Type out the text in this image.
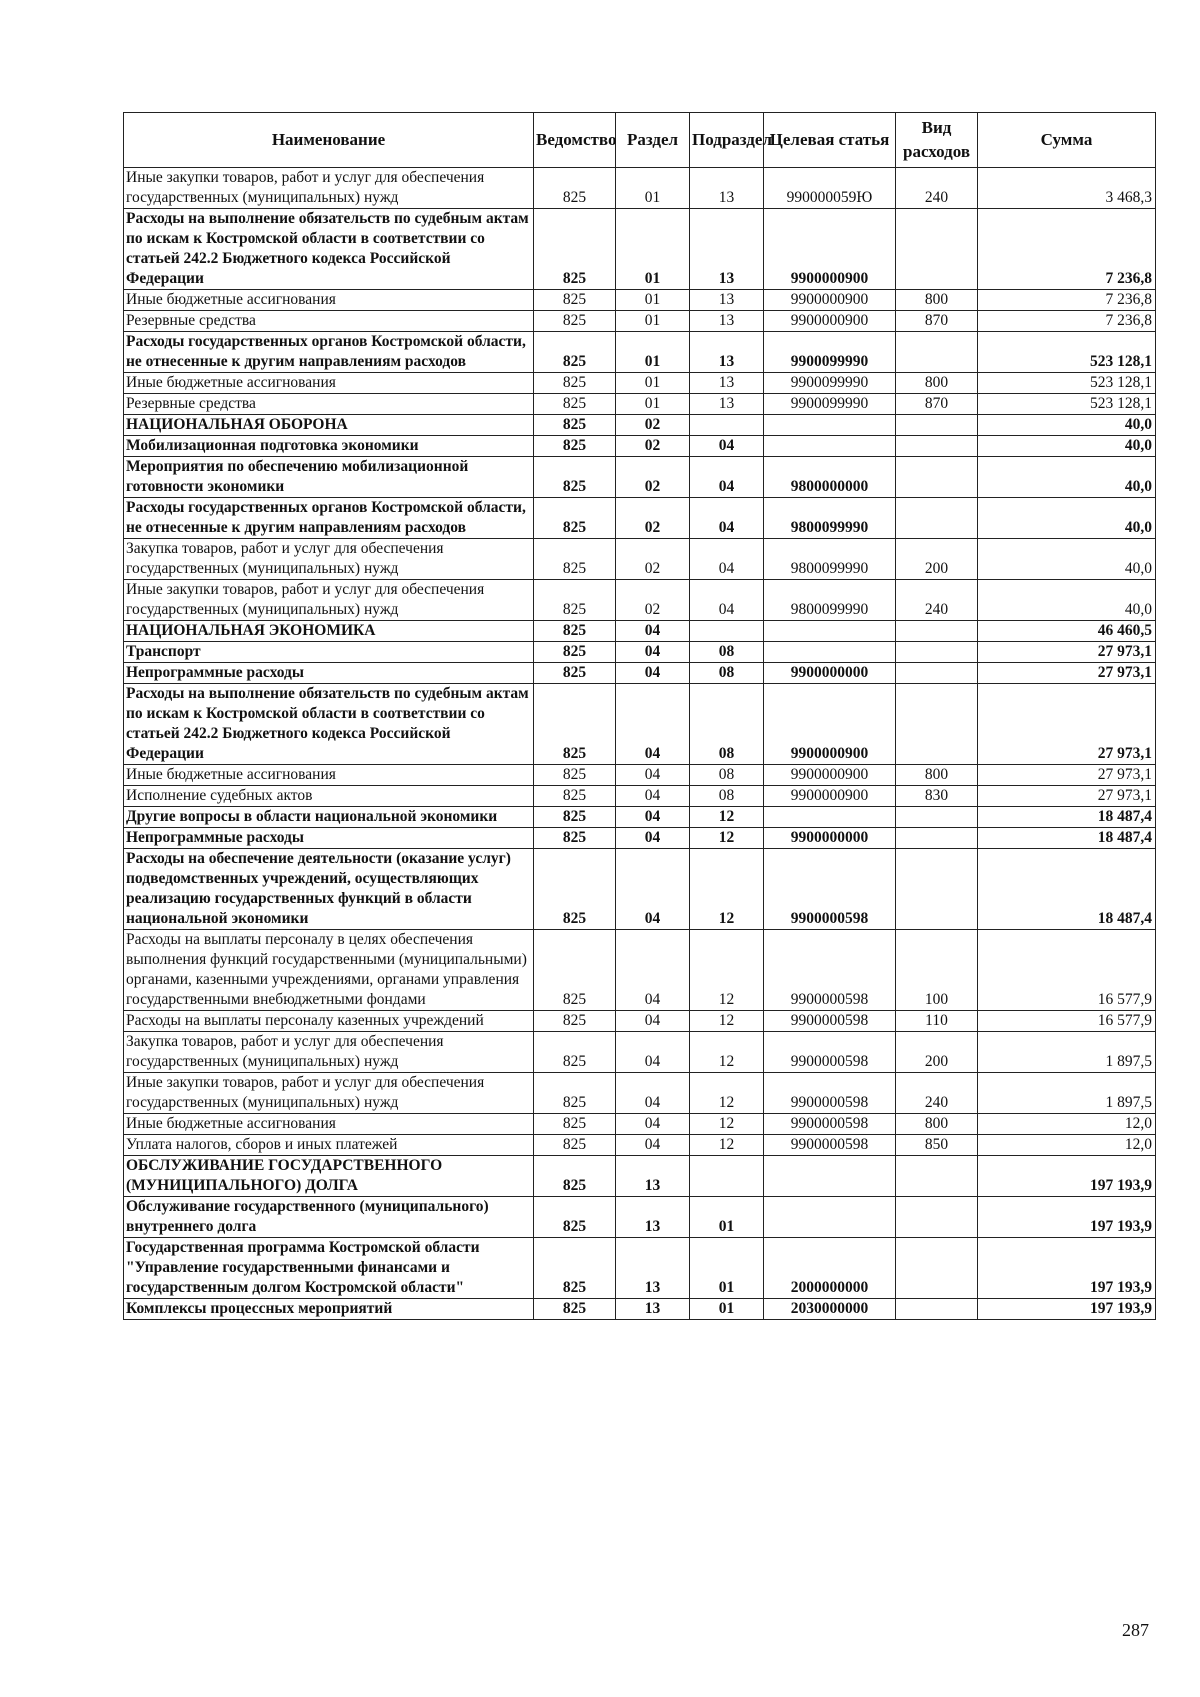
Наименование	Ведомство	Раздел	Подраздел	Целевая статья	Вид расходов	Сумма
Иные закупки товаров, работ и услуг для обеспечения государственных (муниципальных) нужд	825	01	13	990000059Ю	240	3 468,3
Расходы на выполнение обязательств по судебным актам по искам к Костромской области в соответствии со статьей 242.2 Бюджетного кодекса Российской Федерации	825	01	13	9900000900		7 236,8
Иные бюджетные ассигнования	825	01	13	9900000900	800	7 236,8
Резервные средства	825	01	13	9900000900	870	7 236,8
Расходы государственных органов Костромской области, не отнесенные к другим направлениям расходов	825	01	13	9900099990		523 128,1
Иные бюджетные ассигнования	825	01	13	9900099990	800	523 128,1
Резервные средства	825	01	13	9900099990	870	523 128,1
НАЦИОНАЛЬНАЯ ОБОРОНА	825	02				40,0
Мобилизационная подготовка экономики	825	02	04			40,0
Мероприятия по обеспечению мобилизационной готовности экономики	825	02	04	9800000000		40,0
Расходы государственных органов Костромской области, не отнесенные к другим направлениям расходов	825	02	04	9800099990		40,0
Закупка товаров, работ и услуг для обеспечения государственных (муниципальных) нужд	825	02	04	9800099990	200	40,0
Иные закупки товаров, работ и услуг для обеспечения государственных (муниципальных) нужд	825	02	04	9800099990	240	40,0
НАЦИОНАЛЬНАЯ ЭКОНОМИКА	825	04				46 460,5
Транспорт	825	04	08			27 973,1
Непрограммные расходы	825	04	08	9900000000		27 973,1
Расходы на выполнение обязательств по судебным актам по искам к Костромской области в соответствии со статьей 242.2 Бюджетного кодекса Российской Федерации	825	04	08	9900000900		27 973,1
Иные бюджетные ассигнования	825	04	08	9900000900	800	27 973,1
Исполнение судебных актов	825	04	08	9900000900	830	27 973,1
Другие вопросы в области национальной экономики	825	04	12			18 487,4
Непрограммные расходы	825	04	12	9900000000		18 487,4
Расходы на обеспечение деятельности (оказание услуг) подведомственных учреждений, осуществляющих реализацию государственных функций в области национальной экономики	825	04	12	9900000598		18 487,4
Расходы на выплаты персоналу в целях обеспечения выполнения функций государственными (муниципальными) органами, казенными учреждениями, органами управления государственными внебюджетными фондами	825	04	12	9900000598	100	16 577,9
Расходы на выплаты персоналу казенных учреждений	825	04	12	9900000598	110	16 577,9
Закупка товаров, работ и услуг для обеспечения государственных (муниципальных) нужд	825	04	12	9900000598	200	1 897,5
Иные закупки товаров, работ и услуг для обеспечения государственных (муниципальных) нужд	825	04	12	9900000598	240	1 897,5
Иные бюджетные ассигнования	825	04	12	9900000598	800	12,0
Уплата налогов, сборов и иных платежей	825	04	12	9900000598	850	12,0
ОБСЛУЖИВАНИЕ ГОСУДАРСТВЕННОГО (МУНИЦИПАЛЬНОГО) ДОЛГА	825	13				197 193,9
Обслуживание государственного (муниципального) внутреннего долга	825	13	01			197 193,9
Государственная программа Костромской области "Управление государственными финансами и государственным долгом Костромской области"	825	13	01	2000000000		197 193,9
Комплексы процессных мероприятий	825	13	01	2030000000		197 193,9
287
